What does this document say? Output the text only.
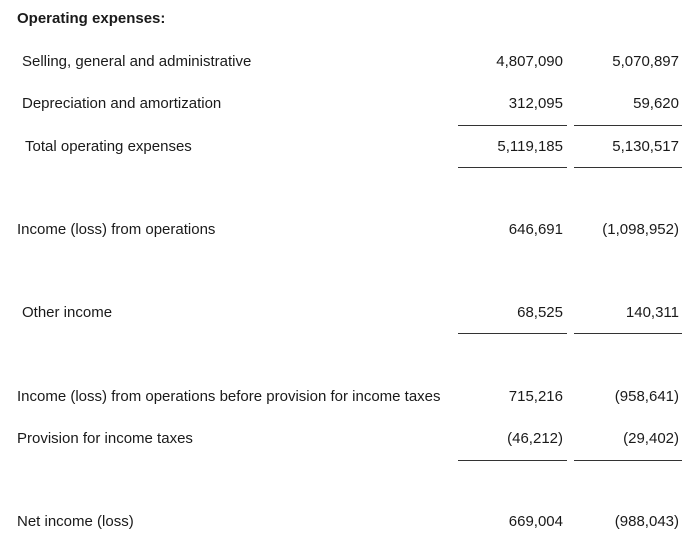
Operating expenses:
Selling, general and administrative	4,807,090	5,070,897
Depreciation and amortization	312,095	59,620
Total operating expenses	5,119,185	5,130,517
Income (loss) from operations	646,691	(1,098,952)
Other income	68,525	140,311
Income (loss) from operations before provision for income taxes	715,216	(958,641)
Provision for income taxes	(46,212)	(29,402)
Net income (loss)	669,004	(988,043)
